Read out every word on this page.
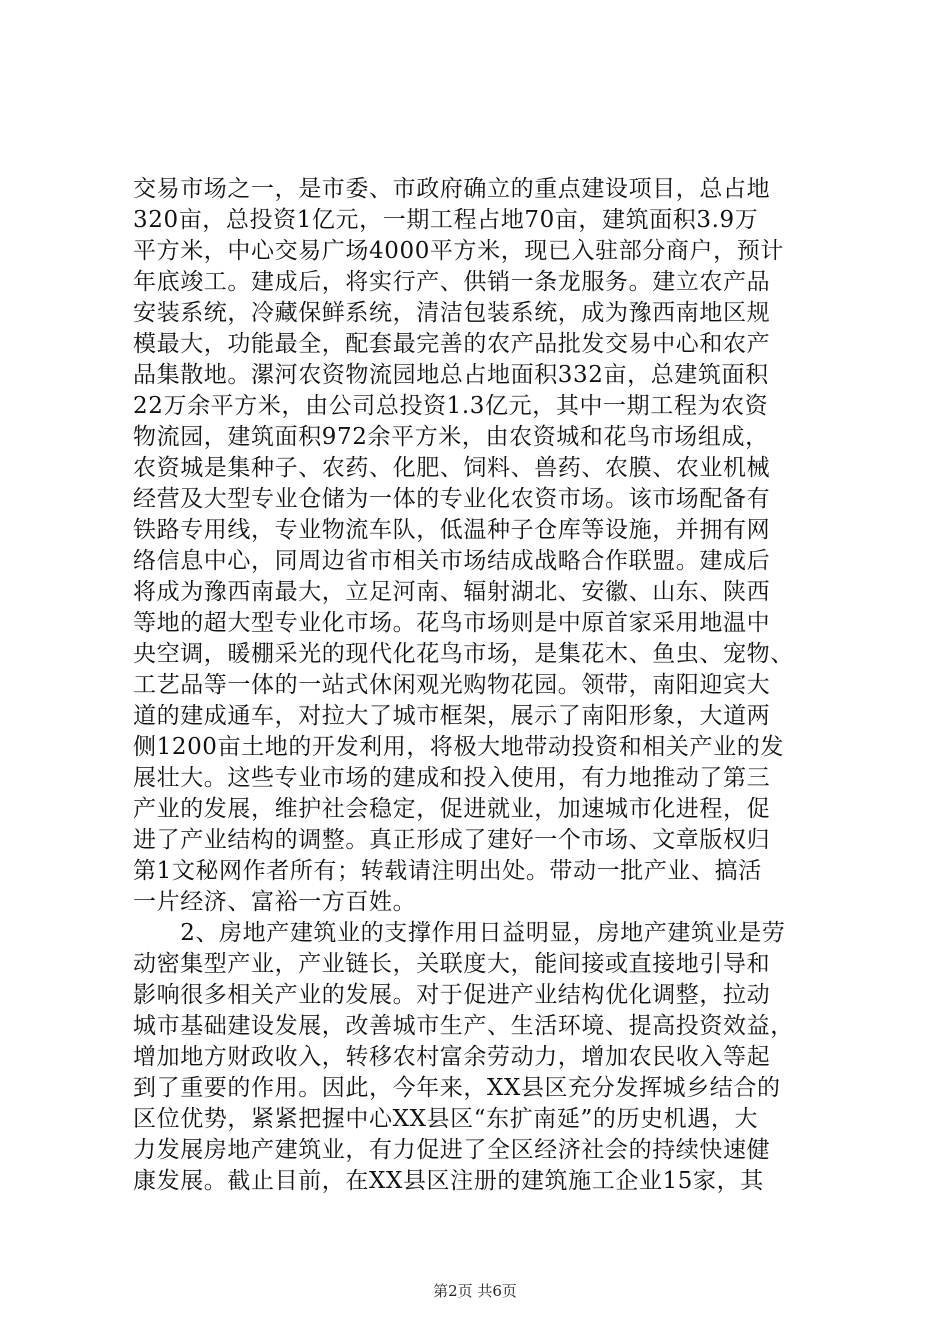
交易市场之一，是市委、市政府确立的重点建设项目，总占地

320亩，总投资1亿元，一期工程占地70亩，建筑面积3.9万

平方米，中心交易广场4000平方米，现已入驻部分商户，预计

年底竣工。建成后，将实行产、供销一条龙服务。建立农产品

安装系统，冷藏保鲜系统，清洁包装系统，成为豫西南地区规

模最大，功能最全，配套最完善的农产品批发交易中心和农产

品集散地。漯河农资物流园地总占地面积332亩，总建筑面积

22万余平方米，由公司总投资1.3亿元，其中一期工程为农资

物流园，建筑面积972余平方米，由农资城和花鸟市场组成，

农资城是集种子、农药、化肥、饲料、兽药、农膜、农业机械

经营及大型专业仓储为一体的专业化农资市场。该市场配备有

铁路专用线，专业物流车队，低温种子仓库等设施，并拥有网

络信息中心，同周边省市相关市场结成战略合作联盟。建成后

将成为豫西南最大，立足河南、辐射湖北、安徽、山东、陕西

等地的超大型专业化市场。花鸟市场则是中原首家采用地温中

央空调，暖棚采光的现代化花鸟市场，是集花木、鱼虫、宠物、

工艺品等一体的一站式休闲观光购物花园。领带，南阳迎宾大

道的建成通车，对拉大了城市框架，展示了南阳形象，大道两

侧1200亩土地的开发利用，将极大地带动投资和相关产业的发

展壮大。这些专业市场的建成和投入使用，有力地推动了第三

产业的发展，维护社会稳定，促进就业，加速城市化进程，促

进了产业结构的调整。真正形成了建好一个市场、文章版权归

第1文秘网作者所有；转载请注明出处。带动一批产业、搞活

一片经济、富裕一方百姓。

　　2、房地产建筑业的支撑作用日益明显，房地产建筑业是劳

动密集型产业，产业链长，关联度大，能间接或直接地引导和

影响很多相关产业的发展。对于促进产业结构优化调整，拉动

城市基础建设发展，改善城市生产、生活环境、提高投资效益，

增加地方财政收入，转移农村富余劳动力，增加农民收入等起

到了重要的作用。因此，今年来，XX县区充分发挥城乡结合的

区位优势，紧紧把握中心XX县区“东扩南延”的历史机遇，大

力发展房地产建筑业，有力促进了全区经济社会的持续快速健

康发展。截止目前，在XX县区注册的建筑施工企业15家，其

第2页 共6页
